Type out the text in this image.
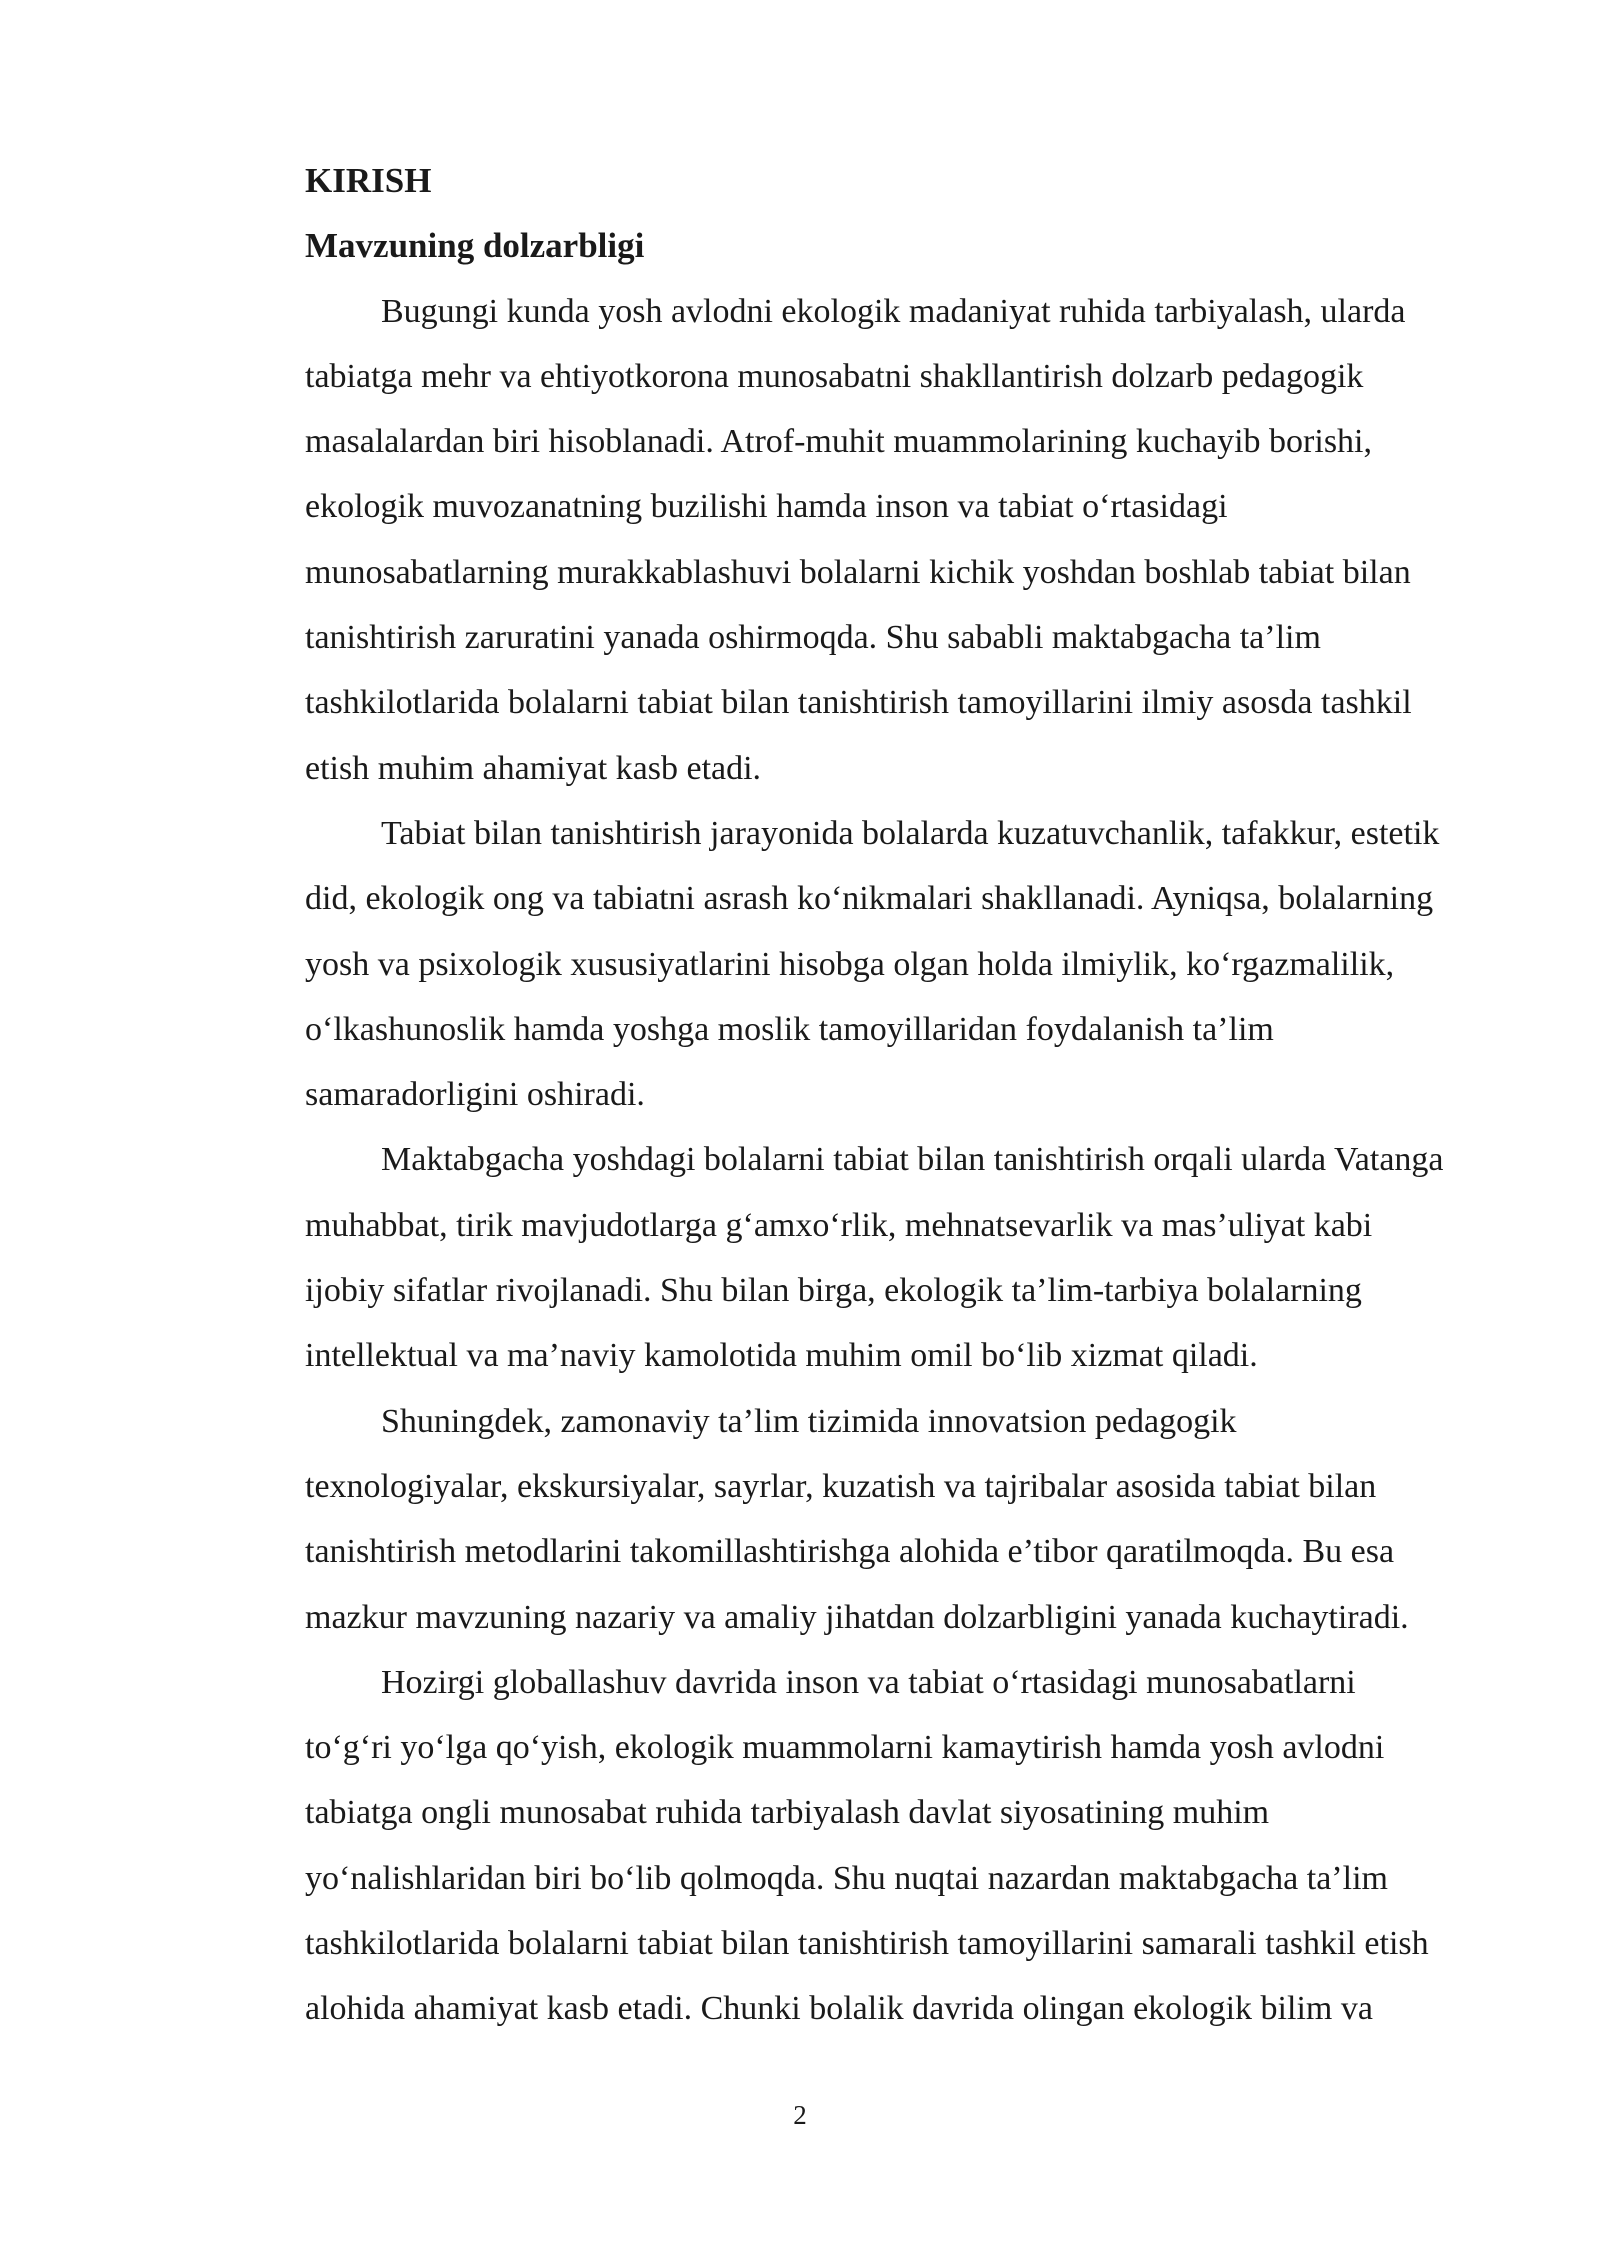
KIRISH

Mavzuning dolzarbligi

Bugungi kunda yosh avlodni ekologik madaniyat ruhida tarbiyalash, ularda
tabiatga mehr va ehtiyotkorona munosabatni shakllantirish dolzarb pedagogik
masalalardan biri hisoblanadi. Atrof-muhit muammolarining kuchayib borishi,
ekologik muvozanatning buzilishi hamda inson va tabiat o‘rtasidagi
munosabatlarning murakkablashuvi bolalarni kichik yoshdan boshlab tabiat bilan
tanishtirish zaruratini yanada oshirmoqda. Shu sababli maktabgacha ta’lim
tashkilotlarida bolalarni tabiat bilan tanishtirish tamoyillarini ilmiy asosda tashkil
etish muhim ahamiyat kasb etadi.

Tabiat bilan tanishtirish jarayonida bolalarda kuzatuvchanlik, tafakkur, estetik
did, ekologik ong va tabiatni asrash ko‘nikmalari shakllanadi. Ayniqsa, bolalarning
yosh va psixologik xususiyatlarini hisobga olgan holda ilmiylik, ko‘rgazmalilik,
o‘lkashunoslik hamda yoshga moslik tamoyillaridan foydalanish ta’lim
samaradorligini oshiradi.

Maktabgacha yoshdagi bolalarni tabiat bilan tanishtirish orqali ularda Vatanga
muhabbat, tirik mavjudotlarga g‘amxo‘rlik, mehnatsevarlik va mas’uliyat kabi
ijobiy sifatlar rivojlanadi. Shu bilan birga, ekologik ta’lim-tarbiya bolalarning
intellektual va ma’naviy kamolotida muhim omil bo‘lib xizmat qiladi.

Shuningdek, zamonaviy ta’lim tizimida innovatsion pedagogik
texnologiyalar, ekskursiyalar, sayrlar, kuzatish va tajribalar asosida tabiat bilan
tanishtirish metodlarini takomillashtirishga alohida e’tibor qaratilmoqda. Bu esa
mazkur mavzuning nazariy va amaliy jihatdan dolzarbligini yanada kuchaytiradi.

Hozirgi globallashuv davrida inson va tabiat o‘rtasidagi munosabatlarni
to‘g‘ri yo‘lga qo‘yish, ekologik muammolarni kamaytirish hamda yosh avlodni
tabiatga ongli munosabat ruhida tarbiyalash davlat siyosatining muhim
yo‘nalishlaridan biri bo‘lib qolmoqda. Shu nuqtai nazardan maktabgacha ta’lim
tashkilotlarida bolalarni tabiat bilan tanishtirish tamoyillarini samarali tashkil etish
alohida ahamiyat kasb etadi. Chunki bolalik davrida olingan ekologik bilim va

2
